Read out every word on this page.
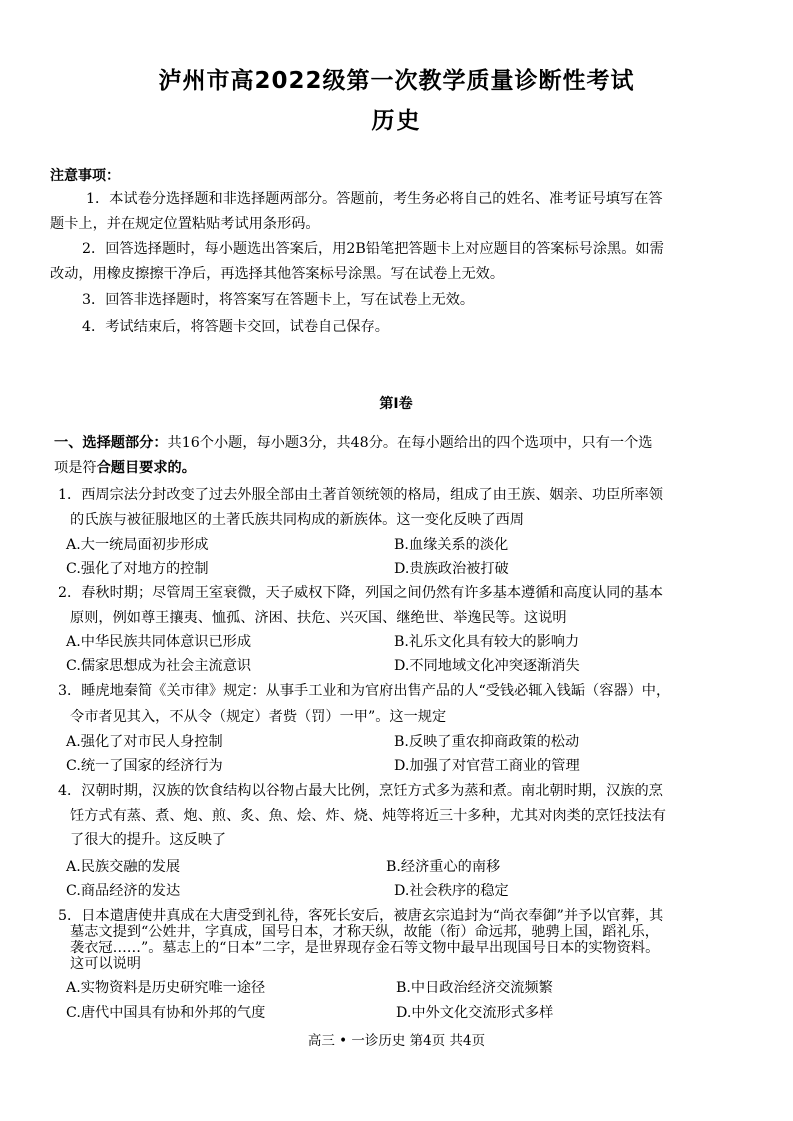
泸州市高2022级第一次教学质量诊断性考试
历史
注意事项：
1．本试卷分选择题和非选择题两部分。答题前，考生务必将自己的姓名、准考证号填写在答
题卡上，并在规定位置粘贴考试用条形码。
2．回答选择题时，每小题选出答案后，用2B铅笔把答题卡上对应题目的答案标号涂黑。如需
改动，用橡皮擦擦干净后，再选择其他答案标号涂黑。写在试卷上无效。
3．回答非选择题时，将答案写在答题卡上，写在试卷上无效。
4．考试结束后，将答题卡交回，试卷自己保存。
第Ⅰ卷
一、选择题部分：共16个小题，每小题3分，共48分。在每小题给出的四个选项中，只有一个选
项是符合题目要求的。
1．西周宗法分封改变了过去外服全部由土著首领统领的格局，组成了由王族、姻亲、功臣所率领
的氏族与被征服地区的土著氏族共同构成的新族体。这一变化反映了西周
A.大一统局面初步形成	B.血缘关系的淡化
C.强化了对地方的控制	D.贵族政治被打破
2．春秋时期；尽管周王室衰微，天子威权下降，列国之间仍然有许多基本遵循和高度认同的基本
原则，例如尊王攘夷、恤孤、济困、扶危、兴灭国、继绝世、举逸民等。这说明
A.中华民族共同体意识已形成	B.礼乐文化具有较大的影响力
C.儒家思想成为社会主流意识	D.不同地域文化冲突逐渐消失
3．睡虎地秦简《关市律》规定：从事手工业和为官府出售产品的人“受钱必辄入钱缿（容器）中，
令市者见其入，不从令（规定）者赀（罚）一甲”。这一规定
A.强化了对市民人身控制	B.反映了重农抑商政策的松动
C.统一了国家的经济行为	D.加强了对官营工商业的管理
4．汉朝时期，汉族的饮食结构以谷物占最大比例，烹饪方式多为蒸和煮。南北朝时期，汉族的烹
饪方式有蒸、煮、炮、煎、炙、魚、烩、炸、烧、炖等将近三十多种，尤其对肉类的烹饪技法有
了很大的提升。这反映了
A.民族交融的发展	B.经济重心的南移
C.商品经济的发达	D.社会秩序的稳定
5．日本遣唐使井真成在大唐受到礼待，客死长安后，被唐玄宗追封为“尚衣奉御”并予以官葬，其
墓志文提到“公姓井，字真成，国号日本，才称天纵，故能（衔）命远邦，驰骋上国，蹈礼乐，
袭衣冠……”。墓志上的“日本”二字，是世界现存金石等文物中最早出现国号日本的实物资料。
这可以说明
A.实物资料是历史研究唯一途径	B.中日政治经济交流频繁
C.唐代中国具有协和外邦的气度	D.中外文化交流形式多样
高三 • 一诊历史 第4页 共4页
